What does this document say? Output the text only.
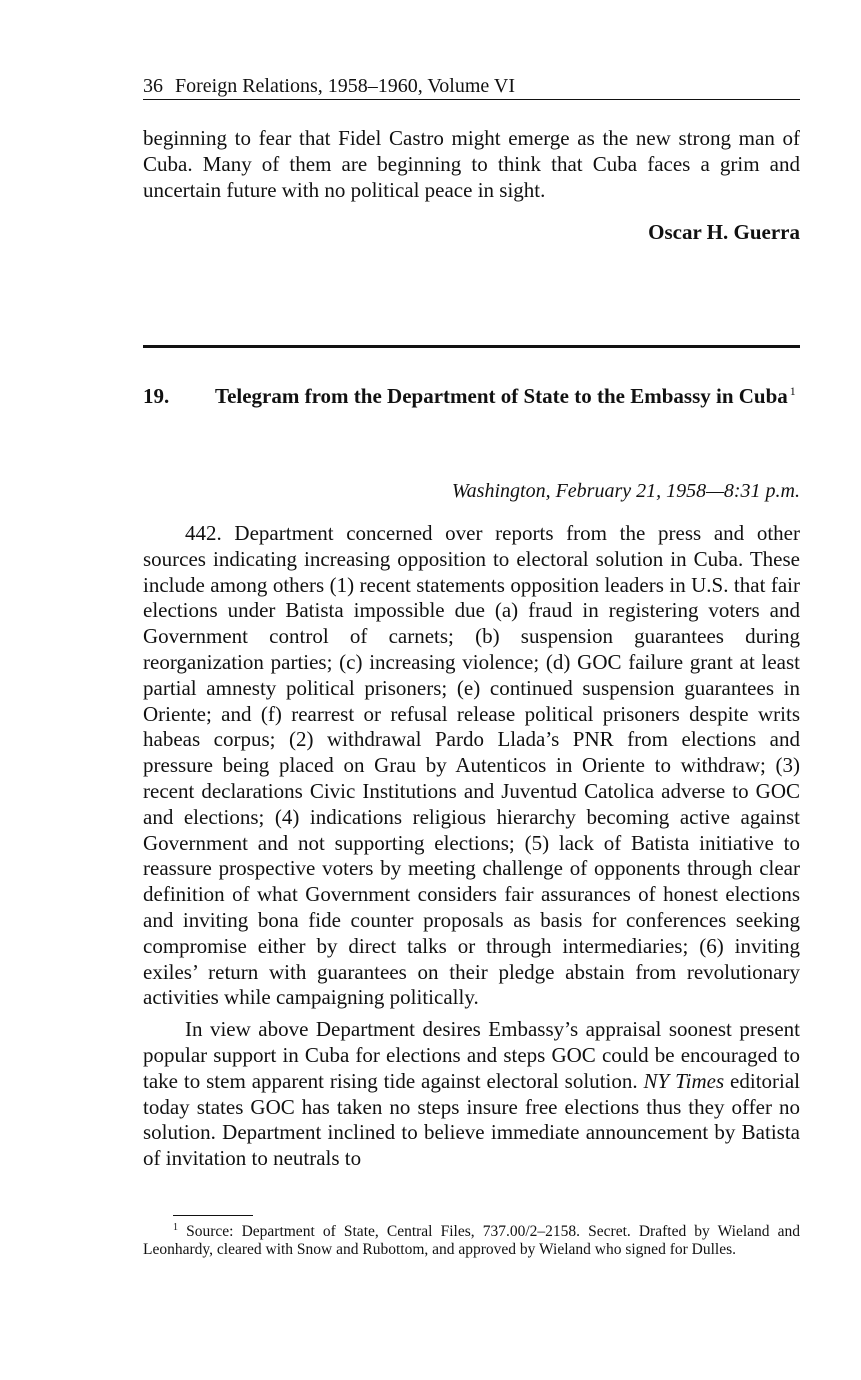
36 Foreign Relations, 1958–1960, Volume VI

beginning to fear that Fidel Castro might emerge as the new strong man of Cuba. Many of them are beginning to think that Cuba faces a grim and uncertain future with no political peace in sight.

Oscar H. Guerra
19. Telegram from the Department of State to the Embassy in Cuba $^1$
Washington, February 21, 1958—8:31 p.m.

442. Department concerned over reports from the press and other sources indicating increasing opposition to electoral solution in Cuba. These include among others (1) recent statements opposition leaders in U.S. that fair elections under Batista impossible due (a) fraud in registering voters and Government control of carnets; (b) suspension guarantees during reorganization parties; (c) increasing violence; (d) GOC failure grant at least partial amnesty political prisoners; (e) continued suspension guarantees in Oriente; and (f) rearrest or refusal release political prisoners despite writs habeas corpus; (2) withdrawal Pardo Llada’s PNR from elections and pressure being placed on Grau by Autenticos in Oriente to withdraw; (3) recent declarations Civic Institutions and Juventud Catolica adverse to GOC and elections; (4) indications religious hierarchy becoming active against Government and not supporting elections; (5) lack of Batista initiative to reassure prospective voters by meeting challenge of opponents through clear definition of what Government considers fair assurances of honest elections and inviting bona fide counter proposals as basis for conferences seeking compromise either by direct talks or through intermediaries; (6) inviting exiles’ return with guarantees on their pledge abstain from revolutionary activities while campaigning politically.

In view above Department desires Embassy’s appraisal soonest present popular support in Cuba for elections and steps GOC could be encouraged to take to stem apparent rising tide against electoral solution. NY Times editorial today states GOC has taken no steps insure free elections thus they offer no solution. Department inclined to believe immediate announcement by Batista of invitation to neutrals to

$^1$ Source: Department of State, Central Files, 737.00/2–2158. Secret. Drafted by Wieland and Leonhardy, cleared with Snow and Rubottom, and approved by Wieland who signed for Dulles.
